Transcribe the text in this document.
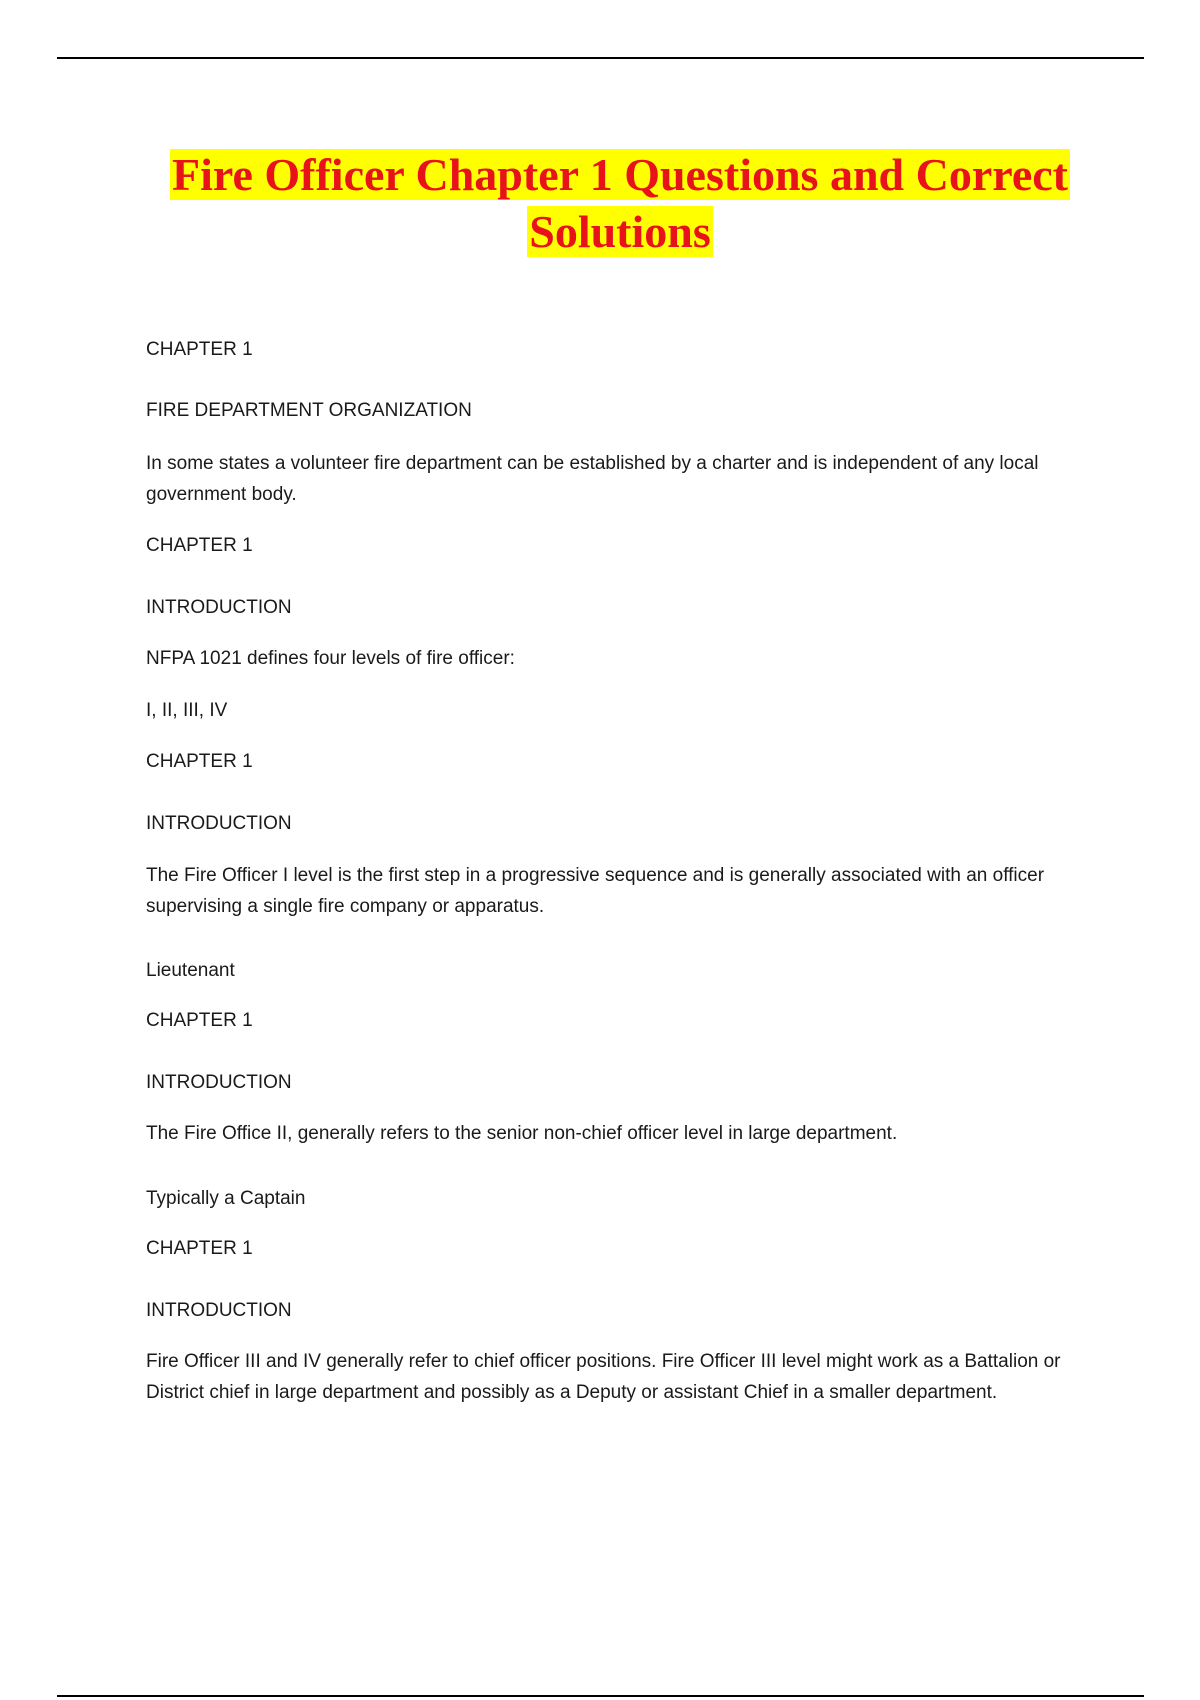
Fire Officer Chapter 1 Questions and Correct
Solutions

CHAPTER 1

FIRE DEPARTMENT ORGANIZATION

In some states a volunteer fire department can be established by a charter and is independent of any local government body.

CHAPTER 1

INTRODUCTION

NFPA 1021 defines four levels of fire officer:

I, II, III, IV

CHAPTER 1

INTRODUCTION

The Fire Officer I level is the first step in a progressive sequence and is generally associated with an officer supervising a single fire company or apparatus.

Lieutenant

CHAPTER 1

INTRODUCTION

The Fire Office II, generally refers to the senior non-chief officer level in large department.

Typically a Captain

CHAPTER 1

INTRODUCTION

Fire Officer III and IV generally refer to chief officer positions. Fire Officer III level might work as a Battalion or District chief in large department and possibly as a Deputy or assistant Chief in a smaller department.
